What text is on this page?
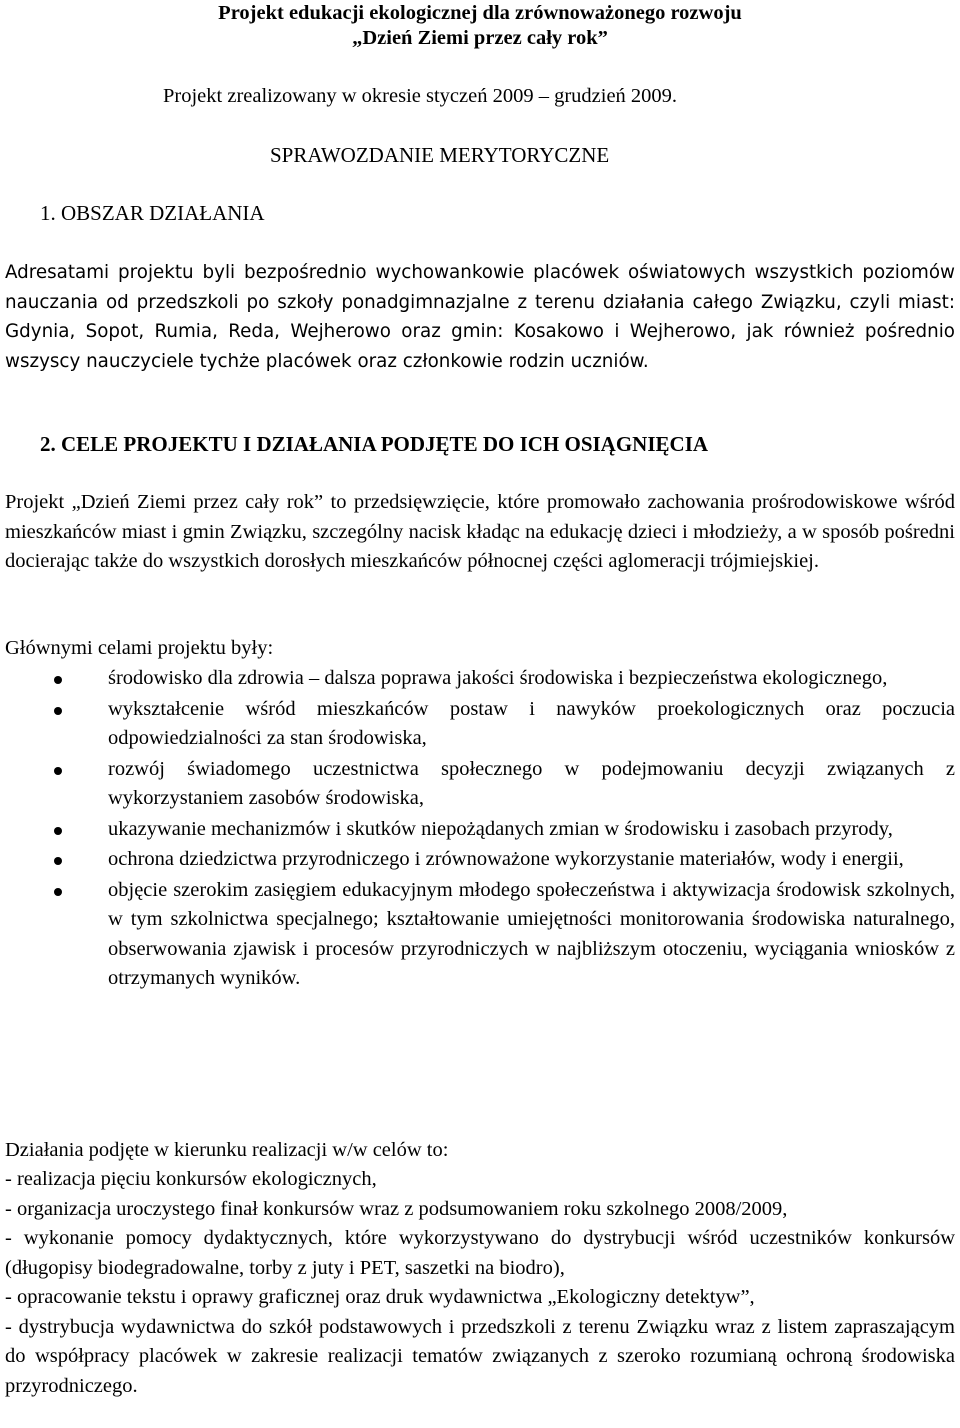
Projekt edukacji ekologicznej dla zrównoważonego rozwoju
„Dzień Ziemi przez cały rok”
Projekt zrealizowany w okresie styczeń 2009 – grudzień 2009.
SPRAWOZDANIE MERYTORYCZNE
1. OBSZAR DZIAŁANIA
Adresatami projektu byli bezpośrednio wychowankowie placówek oświatowych wszystkich poziomów nauczania od przedszkoli po szkoły ponadgimnazjalne z terenu działania całego Związku, czyli miast: Gdynia, Sopot, Rumia, Reda, Wejherowo oraz gmin: Kosakowo i Wejherowo, jak również pośrednio wszyscy nauczyciele tychże placówek oraz członkowie rodzin uczniów.
2. CELE PROJEKTU I DZIAŁANIA PODJĘTE DO ICH OSIĄGNIĘCIA
Projekt „Dzień Ziemi przez cały rok” to przedsięwzięcie, które promowało zachowania prośrodowiskowe wśród mieszkańców miast i gmin Związku, szczególny nacisk kładąc na edukację dzieci i młodzieży, a w sposób pośredni docierając także do wszystkich dorosłych mieszkańców północnej części aglomeracji trójmiejskiej.
Głównymi celami projektu były:
środowisko dla zdrowia – dalsza poprawa jakości środowiska i bezpieczeństwa ekologicznego,
wykształcenie wśród mieszkańców postaw i nawyków proekologicznych oraz poczucia odpowiedzialności za stan środowiska,
rozwój świadomego uczestnictwa społecznego w podejmowaniu decyzji związanych z wykorzystaniem zasobów środowiska,
ukazywanie mechanizmów i skutków niepożądanych zmian w środowisku i zasobach przyrody,
ochrona dziedzictwa przyrodniczego i zrównoważone wykorzystanie materiałów, wody i energii,
objęcie szerokim zasięgiem edukacyjnym młodego społeczeństwa i aktywizacja środowisk szkolnych, w tym szkolnictwa specjalnego; kształtowanie umiejętności monitorowania środowiska naturalnego, obserwowania zjawisk i procesów przyrodniczych w najbliższym otoczeniu, wyciągania wniosków z otrzymanych wyników.
Działania podjęte w kierunku realizacji w/w celów to:
- realizacja pięciu konkursów ekologicznych,
- organizacja uroczystego finał konkursów wraz z podsumowaniem roku szkolnego 2008/2009,
- wykonanie pomocy dydaktycznych, które wykorzystywano do dystrybucji wśród uczestników konkursów (długopisy biodegradowalne, torby z juty i PET, saszetki na biodro),
- opracowanie tekstu i oprawy graficznej oraz druk wydawnictwa „Ekologiczny detektyw”,
- dystrybucja wydawnictwa do szkół podstawowych i przedszkoli z terenu Związku wraz z listem zapraszającym do współpracy placówek w zakresie realizacji tematów związanych z szeroko rozumianą ochroną środowiska przyrodniczego.
